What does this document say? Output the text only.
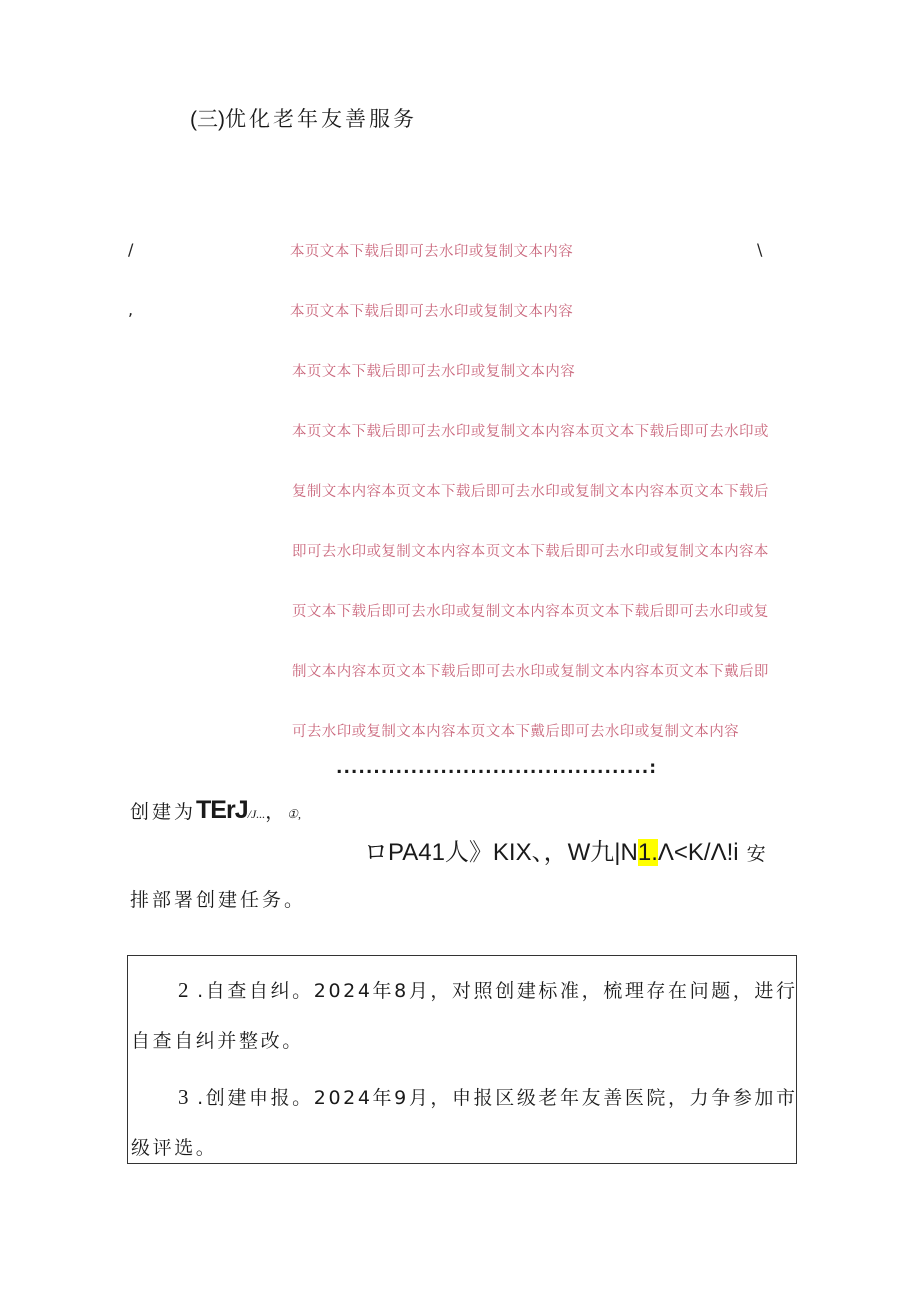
(三)优化老年友善服务
/	\
,
本页文本下载后即可去水印或复制文本内容
本页文本下载后即可去水印或复制文本内容
本页文本下载后即可去水印或复制文本内容
本页文本下载后即可去水印或复制文本内容本页文本下载后即可去水印或
复制文本内容本页文本下载后即可去水印或复制文本内容本页文本下载后
即可去水印或复制文本内容本页文本下载后即可去水印或复制文本内容本
页文本下载后即可去水印或复制文本内容本页文本下载后即可去水印或复
制文本内容本页文本下载后即可去水印或复制文本内容本页文本下戴后即
可去水印或复制文本内容本页文本下戴后即可去水印或复制文本内容
..........................................:
创建为TErJ/J...，①,  
ロPA41人》KIX、，W九|N1.Λ<K/Λ!i 安
排部署创建任务。
2 .自查自纠。2024年8月，对照创建标准，梳理存在问题，进行
自查自纠并整改。
3 .创建申报。2024年9月，申报区级老年友善医院，力争参加市
级评选。
